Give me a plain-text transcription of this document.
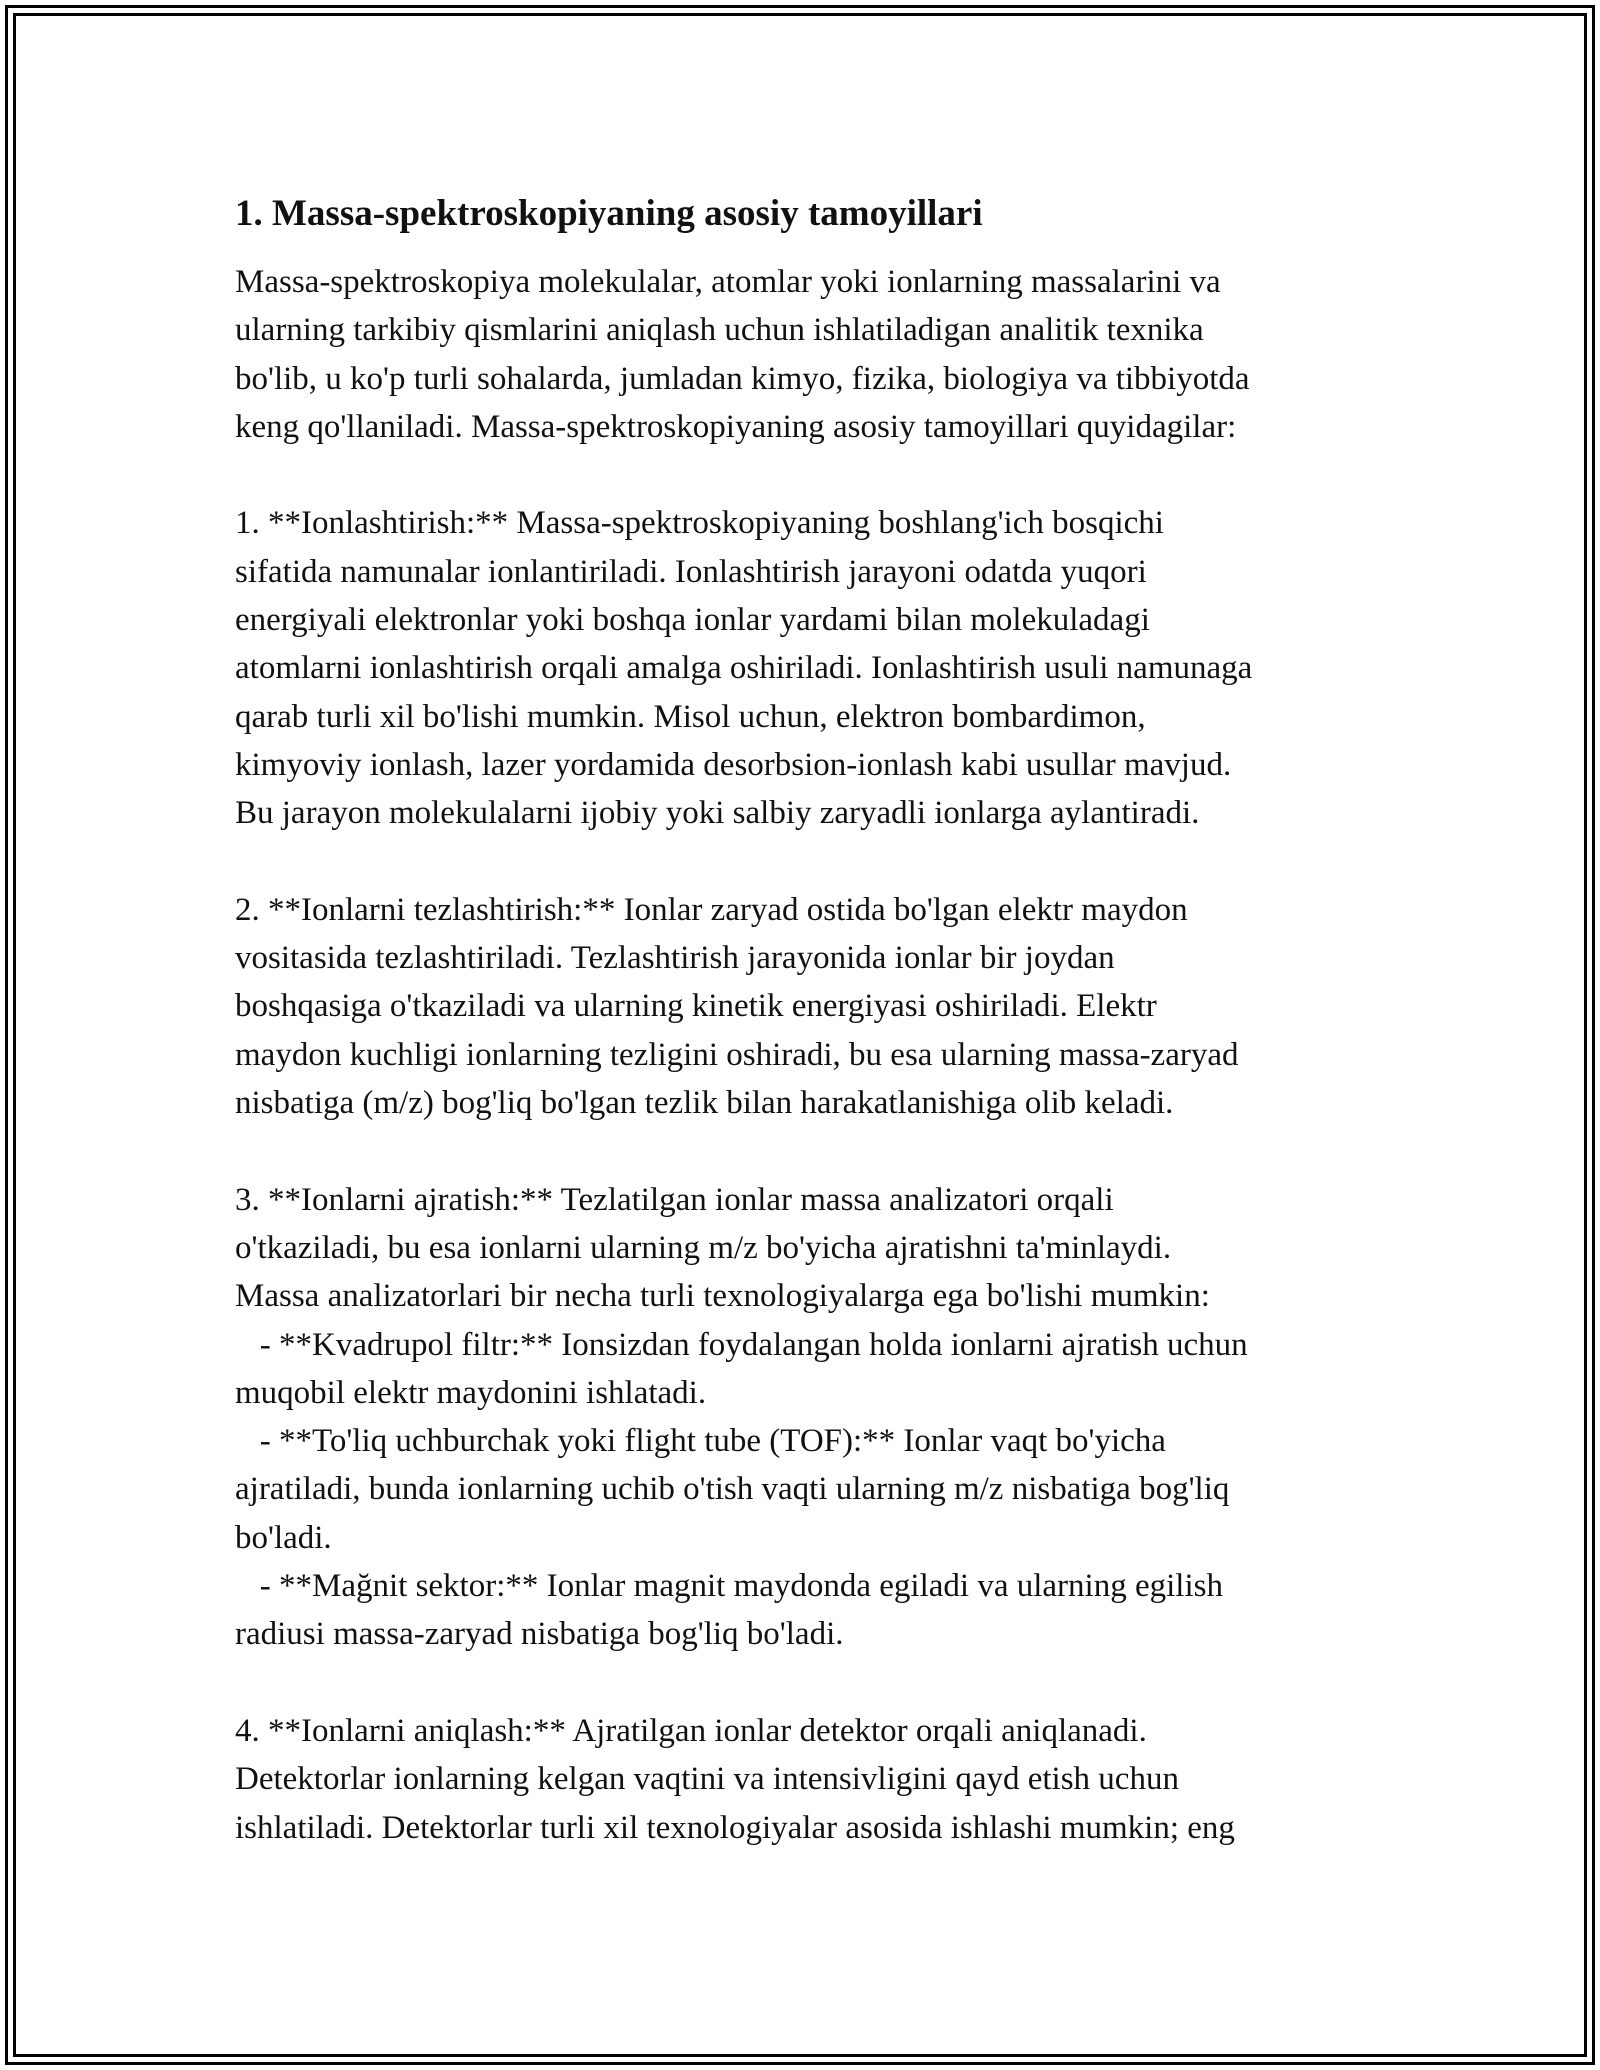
1. Massa-spektroskopiyaning asosiy tamoyillari
Massa-spektroskopiya molekulalar, atomlar yoki ionlarning massalarini va
ularning tarkibiy qismlarini aniqlash uchun ishlatiladigan analitik texnika
bo'lib, u ko'p turli sohalarda, jumladan kimyo, fizika, biologiya va tibbiyotda
keng qo'llaniladi. Massa-spektroskopiyaning asosiy tamoyillari quyidagilar:
1. **Ionlashtirish:** Massa-spektroskopiyaning boshlang'ich bosqichi
sifatida namunalar ionlantiriladi. Ionlashtirish jarayoni odatda yuqori
energiyali elektronlar yoki boshqa ionlar yardami bilan molekuladagi
atomlarni ionlashtirish orqali amalga oshiriladi. Ionlashtirish usuli namunaga
qarab turli xil bo'lishi mumkin. Misol uchun, elektron bombardimon,
kimyoviy ionlash, lazer yordamida desorbsion-ionlash kabi usullar mavjud.
Bu jarayon molekulalarni ijobiy yoki salbiy zaryadli ionlarga aylantiradi.
2. **Ionlarni tezlashtirish:** Ionlar zaryad ostida bo'lgan elektr maydon
vositasida tezlashtiriladi. Tezlashtirish jarayonida ionlar bir joydan
boshqasiga o'tkaziladi va ularning kinetik energiyasi oshiriladi. Elektr
maydon kuchligi ionlarning tezligini oshiradi, bu esa ularning massa-zaryad
nisbatiga (m/z) bog'liq bo'lgan tezlik bilan harakatlanishiga olib keladi.
3. **Ionlarni ajratish:** Tezlatilgan ionlar massa analizatori orqali
o'tkaziladi, bu esa ionlarni ularning m/z bo'yicha ajratishni ta'minlaydi.
Massa analizatorlari bir necha turli texnologiyalarga ega bo'lishi mumkin:
- **Kvadrupol filtr:** Ionsizdan foydalangan holda ionlarni ajratish uchun
muqobil elektr maydonini ishlatadi.
- **To'liq uchburchak yoki flight tube (TOF):** Ionlar vaqt bo'yicha
ajratiladi, bunda ionlarning uchib o'tish vaqti ularning m/z nisbatiga bog'liq
bo'ladi.
- **Mağnit sektor:** Ionlar magnit maydonda egiladi va ularning egilish
radiusi massa-zaryad nisbatiga bog'liq bo'ladi.
4. **Ionlarni aniqlash:** Ajratilgan ionlar detektor orqali aniqlanadi.
Detektorlar ionlarning kelgan vaqtini va intensivligini qayd etish uchun
ishlatiladi. Detektorlar turli xil texnologiyalar asosida ishlashi mumkin; eng
